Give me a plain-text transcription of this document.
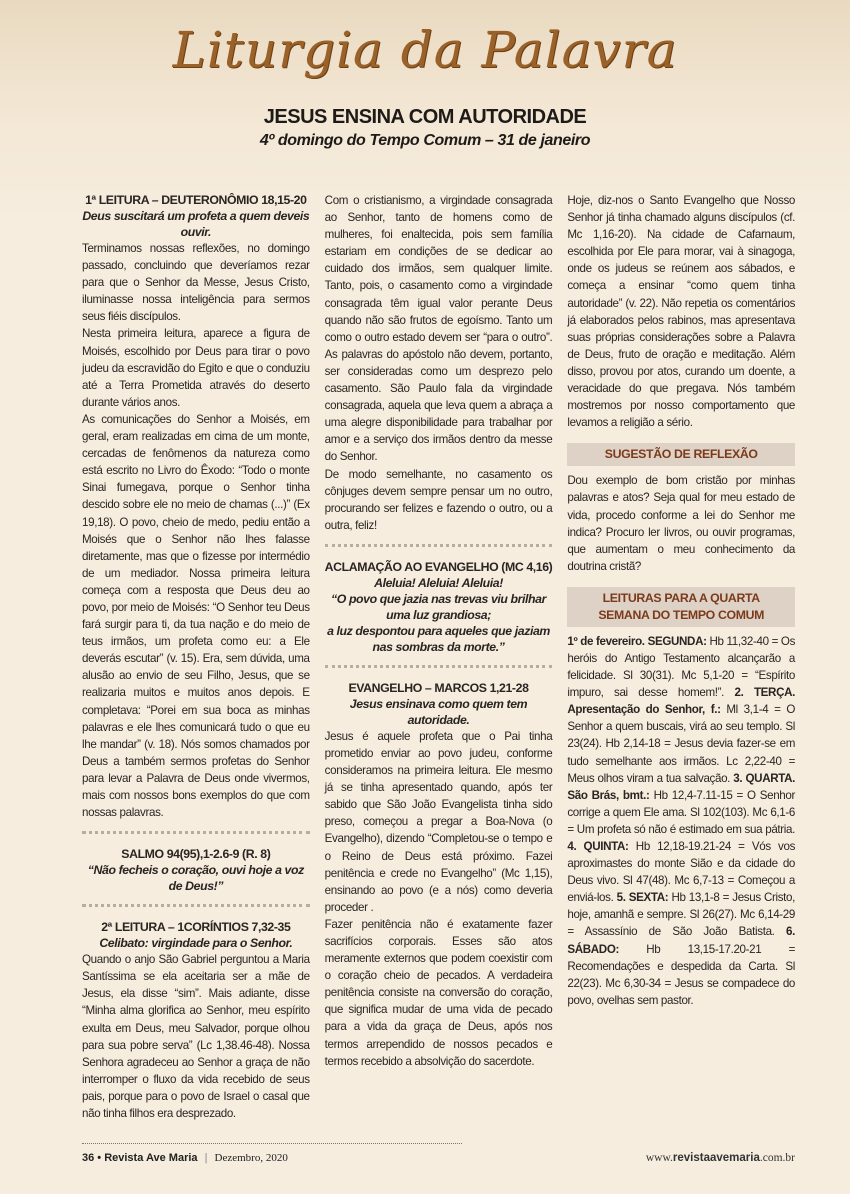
Liturgia da Palavra
JESUS ENSINA COM AUTORIDADE
4º domingo do Tempo Comum – 31 de janeiro
1ª LEITURA – DEUTERONÔMIO 18,15-20
Deus suscitará um profeta a quem deveis ouvir.

Terminamos nossas reflexões, no domingo passado, concluindo que deveríamos rezar para que o Senhor da Messe, Jesus Cristo, iluminasse nossa inteligência para sermos seus fiéis discípulos.

Nesta primeira leitura, aparece a figura de Moisés, escolhido por Deus para tirar o povo judeu da escravidão do Egito e que o conduziu até a Terra Prometida através do deserto durante vários anos.

As comunicações do Senhor a Moisés, em geral, eram realizadas em cima de um monte, cercadas de fenômenos da natureza como está escrito no Livro do Êxodo: “Todo o monte Sinai fumegava, porque o Senhor tinha descido sobre ele no meio de chamas (...)” (Ex 19,18). O povo, cheio de medo, pediu então a Moisés que o Senhor não lhes falasse diretamente, mas que o fizesse por intermédio de um mediador. Nossa primeira leitura começa com a resposta que Deus deu ao povo, por meio de Moisés: “O Senhor teu Deus fará surgir para ti, da tua nação e do meio de teus irmãos, um profeta como eu: a Ele deverás escutar” (v. 15). Era, sem dúvida, uma alusão ao envio de seu Filho, Jesus, que se realizaria muitos e muitos anos depois. E completava: “Porei em sua boca as minhas palavras e ele lhes comunicará tudo o que eu lhe mandar” (v. 18). Nós somos chamados por Deus a também sermos profetas do Senhor para levar a Palavra de Deus onde vivermos, mais com nossos bons exemplos do que com nossas palavras.

SALMO 94(95),1-2.6-9 (R. 8)
“Não fecheis o coração, ouvi hoje a voz de Deus!”
2ª LEITURA – 1CORÍNTIOS 7,32-35
Celibato: virgindade para o Senhor.

Quando o anjo São Gabriel perguntou a Maria Santíssima se ela aceitaria ser a mãe de Jesus, ela disse “sim”. Mais adiante, disse “Minha alma glorifica ao Senhor, meu espírito exulta em Deus, meu Salvador, porque olhou para sua pobre serva” (Lc 1,38.46-48). Nossa Senhora agradeceu ao Senhor a graça de não interromper o fluxo da vida recebido de seus pais, porque para o povo de Israel o casal que não tinha filhos era desprezado.

Com o cristianismo, a virgindade consagrada ao Senhor, tanto de homens como de mulheres, foi enaltecida, pois sem família estariam em condições de se dedicar ao cuidado dos irmãos, sem qualquer limite. Tanto, pois, o casamento como a virgindade consagrada têm igual valor perante Deus quando não são frutos de egoísmo. Tanto um como o outro estado devem ser “para o outro”. As palavras do apóstolo não devem, portanto, ser consideradas como um desprezo pelo casamento. São Paulo fala da virgindade consagrada, aquela que leva quem a abraça a uma alegre disponibilidade para trabalhar por amor e a serviço dos irmãos dentro da messe do Senhor.

De modo semelhante, no casamento os cônjuges devem sempre pensar um no outro, procurando ser felizes e fazendo o outro, ou a outra, feliz!

ACLAMAÇÃO AO EVANGELHO (MC 4,16)
Aleluia! Aleluia! Aleluia!
“O povo que jazia nas trevas viu brilhar uma luz grandiosa;
a luz despontou para aqueles que jaziam nas sombras da morte.”
EVANGELHO – MARCOS 1,21-28
Jesus ensinava como quem tem autoridade.

Jesus é aquele profeta que o Pai tinha prometido enviar ao povo judeu, conforme consideramos na primeira leitura. Ele mesmo já se tinha apresentado quando, após ter sabido que São João Evangelista tinha sido preso, começou a pregar a Boa-Nova (o Evangelho), dizendo “Completou-se o tempo e o Reino de Deus está próximo. Fazei penitência e crede no Evangelho” (Mc 1,15), ensinando ao povo (e a nós) como deveria proceder .

Fazer penitência não é exatamente fazer sacrifícios corporais. Esses são atos meramente externos que podem coexistir com o coração cheio de pecados. A verdadeira penitência consiste na conversão do coração, que significa mudar de uma vida de pecado para a vida da graça de Deus, após nos termos arrependido de nossos pecados e termos recebido a absolvição do sacerdote.

Hoje, diz-nos o Santo Evangelho que Nosso Senhor já tinha chamado alguns discípulos (cf. Mc 1,16-20). Na cidade de Cafarnaum, escolhida por Ele para morar, vai à sinagoga, onde os judeus se reúnem aos sábados, e começa a ensinar “como quem tinha autoridade” (v. 22). Não repetia os comentários já elaborados pelos rabinos, mas apresentava suas próprias considerações sobre a Palavra de Deus, fruto de oração e meditação. Além disso, provou por atos, curando um doente, a veracidade do que pregava. Nós também mostremos por nosso comportamento que levamos a religião a sério.

SUGESTÃO DE REFLEXÃO

Dou exemplo de bom cristão por minhas palavras e atos? Seja qual for meu estado de vida, procedo conforme a lei do Senhor me indica? Procuro ler livros, ou ouvir programas, que aumentam o meu conhecimento da doutrina cristã?

LEITURAS PARA A QUARTA SEMANA DO TEMPO COMUM

1º de fevereiro. SEGUNDA: Hb 11,32-40 = Os heróis do Antigo Testamento alcançarão a felicidade. Sl 30(31). Mc 5,1-20 = “Espírito impuro, sai desse homem!”. 2. TERÇA. Apresentação do Senhor, f.: Ml 3,1-4 = O Senhor a quem buscais, virá ao seu templo. Sl 23(24). Hb 2,14-18 = Jesus devia fazer-se em tudo semelhante aos irmãos. Lc 2,22-40 = Meus olhos viram a tua salvação. 3. QUARTA. São Brás, bmt.: Hb 12,4-7.11-15 = O Senhor corrige a quem Ele ama. Sl 102(103). Mc 6,1-6 = Um profeta só não é estimado em sua pátria. 4. QUINTA: Hb 12,18-19.21-24 = Vós vos aproximastes do monte Sião e da cidade do Deus vivo. Sl 47(48). Mc 6,7-13 = Começou a enviá-los. 5. SEXTA: Hb 13,1-8 = Jesus Cristo, hoje, amanhã e sempre. Sl 26(27). Mc 6,14-29 = Assassínio de São João Batista. 6. SÁBADO: Hb 13,15-17.20-21 = Recomendações e despedida da Carta. Sl 22(23). Mc 6,30-34 = Jesus se compadece do povo, ovelhas sem pastor.

36 • Revista Ave Maria | Dezembro, 2020	www.revistaavemaria.com.br
